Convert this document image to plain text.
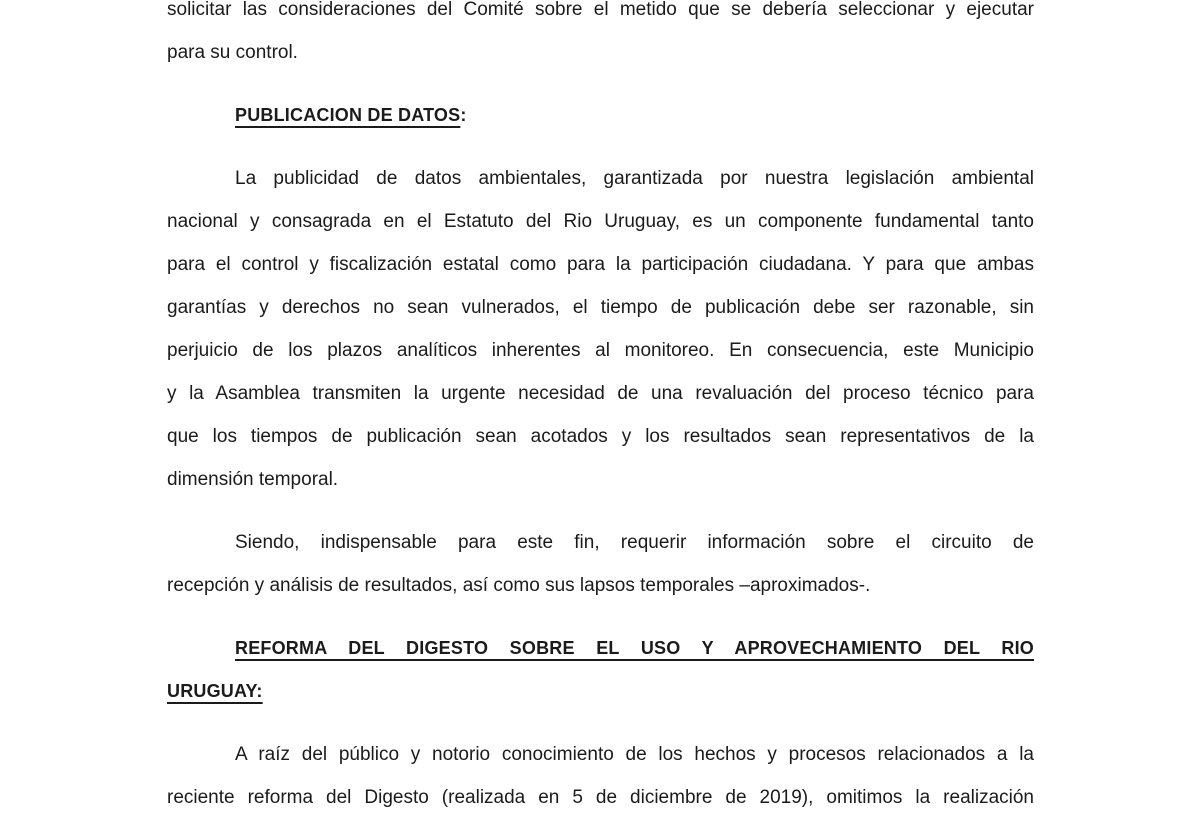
solicitar las consideraciones del Comité sobre el metido que se debería seleccionar y ejecutar
para su control.
PUBLICACION DE DATOS:
La publicidad de datos ambientales, garantizada por nuestra legislación ambiental
nacional y consagrada en el Estatuto del Rio Uruguay, es un componente fundamental tanto
para el control y fiscalización estatal como para la participación ciudadana. Y para que ambas
garantías y derechos no sean vulnerados, el tiempo de publicación debe ser razonable, sin
perjuicio de los plazos analíticos inherentes al monitoreo. En consecuencia, este Municipio
y la Asamblea transmiten la urgente necesidad de una revaluación del proceso técnico para
que los tiempos de publicación sean acotados y los resultados sean representativos de la
dimensión temporal.
Siendo, indispensable para este fin, requerir información sobre el circuito de
recepción y análisis de resultados, así como sus lapsos temporales –aproximados-.
REFORMA DEL DIGESTO SOBRE EL USO Y APROVECHAMIENTO DEL RIO
URUGUAY:
A raíz del público y notorio conocimiento de los hechos y procesos relacionados a la
reciente reforma del Digesto (realizada en 5 de diciembre de 2019), omitimos la realización
